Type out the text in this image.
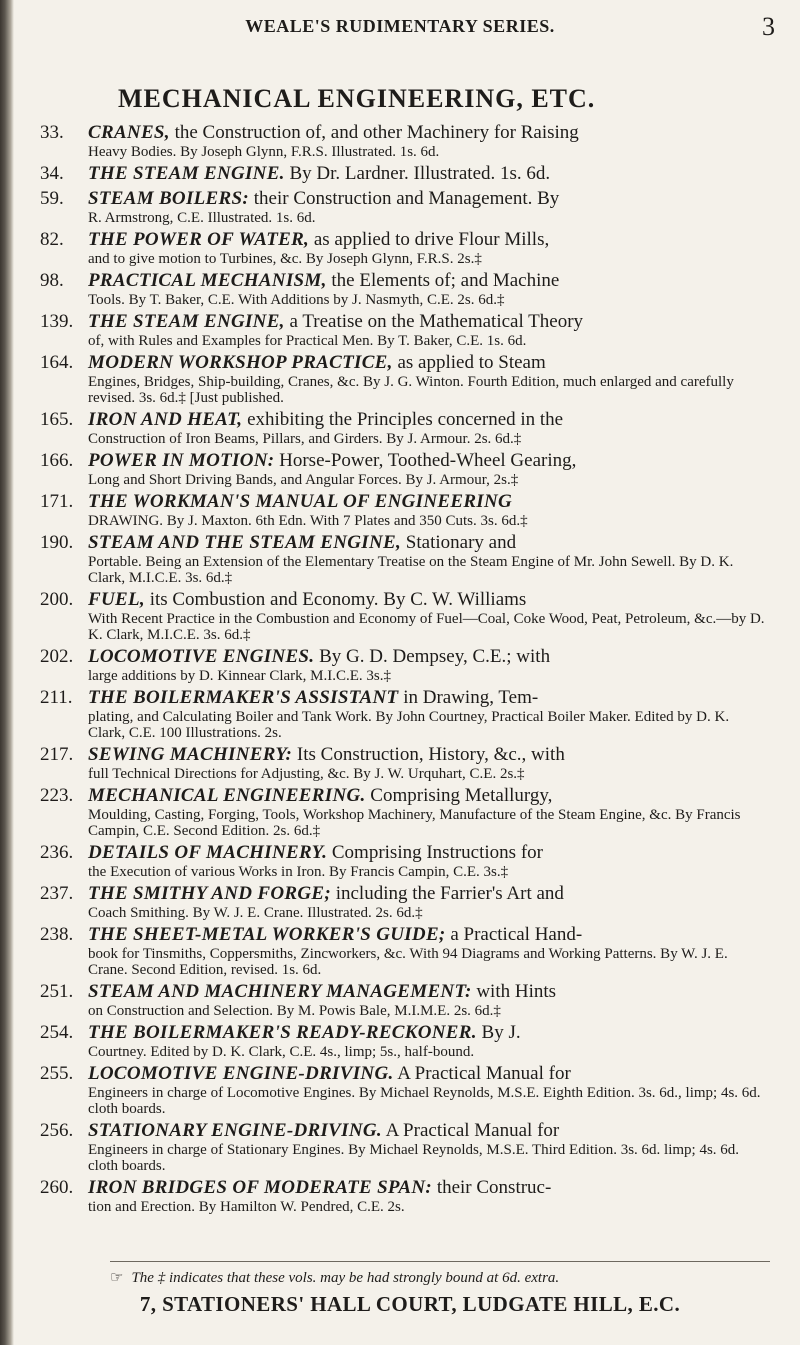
WEALE'S RUDIMENTARY SERIES.	3
MECHANICAL ENGINEERING, ETC.
33.	CRANES, the Construction of, and other Machinery for Raising
Heavy Bodies. By Joseph Glynn, F.R.S. Illustrated. 1s. 6d.
34.	THE STEAM ENGINE. By Dr. Lardner. Illustrated. 1s. 6d.
59.	STEAM BOILERS: their Construction and Management. By
R. Armstrong, C.E. Illustrated. 1s. 6d.
82.	THE POWER OF WATER, as applied to drive Flour Mills,
and to give motion to Turbines, &c. By Joseph Glynn, F.R.S. 2s.‡
98.	PRACTICAL MECHANISM, the Elements of; and Machine
Tools. By T. Baker, C.E. With Additions by J. Nasmyth, C.E. 2s. 6d.‡
139. THE STEAM ENGINE, a Treatise on the Mathematical Theory
of, with Rules and Examples for Practical Men. By T. Baker, C.E. 1s. 6d.
164. MODERN WORKSHOP PRACTICE, as applied to Steam
Engines, Bridges, Ship-building, Cranes, &c. By J. G. Winton. Fourth Edition, much enlarged and carefully revised. 3s. 6d.‡ [Just published.
165. IRON AND HEAT, exhibiting the Principles concerned in the
Construction of Iron Beams, Pillars, and Girders. By J. Armour. 2s. 6d.‡
166. POWER IN MOTION: Horse-Power, Toothed-Wheel Gearing,
Long and Short Driving Bands, and Angular Forces. By J. Armour, 2s.‡
171. THE WORKMAN'S MANUAL OF ENGINEERING
DRAWING. By J. Maxton. 6th Edn. With 7 Plates and 350 Cuts. 3s. 6d.‡
190. STEAM AND THE STEAM ENGINE, Stationary and
Portable. Being an Extension of the Elementary Treatise on the Steam Engine of Mr. John Sewell. By D. K. Clark, M.I.C.E. 3s. 6d.‡
200. FUEL, its Combustion and Economy. By C. W. Williams
With Recent Practice in the Combustion and Economy of Fuel—Coal, Coke Wood, Peat, Petroleum, &c.—by D. K. Clark, M.I.C.E. 3s. 6d.‡
202. LOCOMOTIVE ENGINES. By G. D. Dempsey, C.E.; with
large additions by D. Kinnear Clark, M.I.C.E. 3s.‡
211. THE BOILERMAKER'S ASSISTANT in Drawing, Tem-
plating, and Calculating Boiler and Tank Work. By John Courtney, Practical Boiler Maker. Edited by D. K. Clark, C.E. 100 Illustrations. 2s.
217. SEWING MACHINERY: Its Construction, History, &c., with
full Technical Directions for Adjusting, &c. By J. W. Urquhart, C.E. 2s.‡
223. MECHANICAL ENGINEERING. Comprising Metallurgy,
Moulding, Casting, Forging, Tools, Workshop Machinery, Manufacture of the Steam Engine, &c. By Francis Campin, C.E. Second Edition. 2s. 6d.‡
236. DETAILS OF MACHINERY. Comprising Instructions for
the Execution of various Works in Iron. By Francis Campin, C.E. 3s.‡
237. THE SMITHY AND FORGE; including the Farrier's Art and
Coach Smithing. By W. J. E. Crane. Illustrated. 2s. 6d.‡
238. THE SHEET-METAL WORKER'S GUIDE; a Practical Hand-
book for Tinsmiths, Coppersmiths, Zincworkers, &c. With 94 Diagrams and Working Patterns. By W. J. E. Crane. Second Edition, revised. 1s. 6d.
251. STEAM AND MACHINERY MANAGEMENT: with Hints
on Construction and Selection. By M. Powis Bale, M.I.M.E. 2s. 6d.‡
254. THE BOILERMAKER'S READY-RECKONER. By J.
Courtney. Edited by D. K. Clark, C.E. 4s., limp; 5s., half-bound.
255. LOCOMOTIVE ENGINE-DRIVING. A Practical Manual for
Engineers in charge of Locomotive Engines. By Michael Reynolds, M.S.E. Eighth Edition. 3s. 6d., limp; 4s. 6d. cloth boards.
256. STATIONARY ENGINE-DRIVING. A Practical Manual for
Engineers in charge of Stationary Engines. By Michael Reynolds, M.S.E. Third Edition. 3s. 6d. limp; 4s. 6d. cloth boards.
260. IRON BRIDGES OF MODERATE SPAN: their Construc-
tion and Erection. By Hamilton W. Pendred, C.E. 2s.
☞ The ‡ indicates that these vols. may be had strongly bound at 6d. extra.
7, STATIONERS' HALL COURT, LUDGATE HILL, E.C.
